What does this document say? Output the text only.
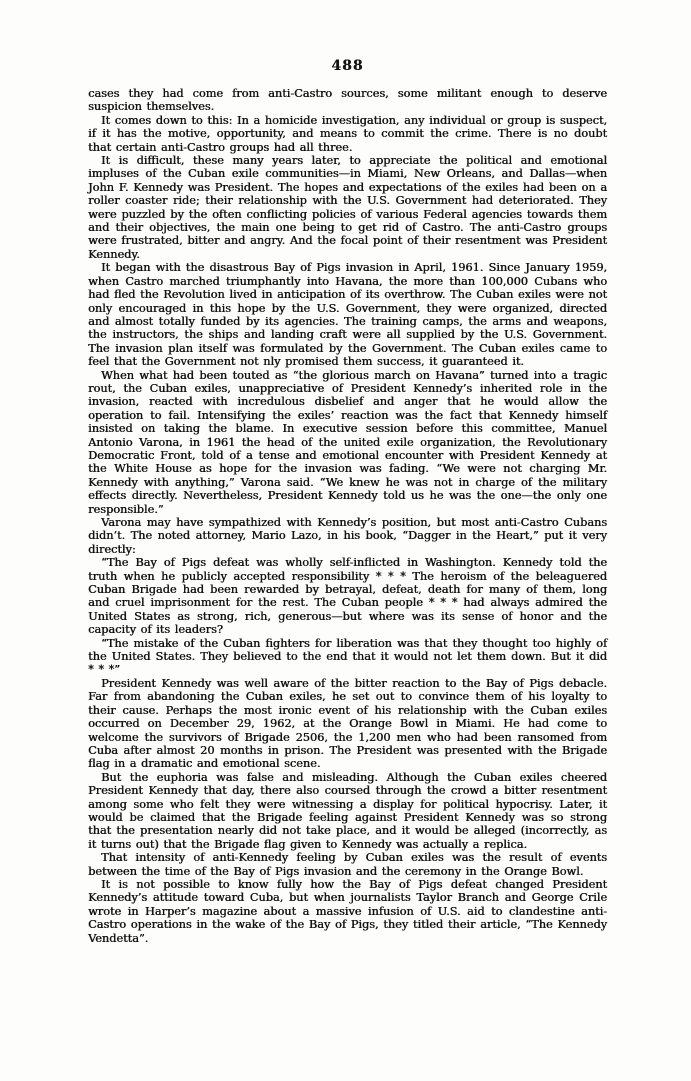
488

cases they had come from anti-Castro sources, some militant enough to deserve suspicion themselves.

It comes down to this: In a homicide investigation, any individual or group is suspect, if it has the motive, opportunity, and means to commit the crime. There is no doubt that certain anti-Castro groups had all three.

It is difficult, these many years later, to appreciate the political and emotional impluses of the Cuban exile communities—in Miami, New Orleans, and Dallas—when John F. Kennedy was President. The hopes and expectations of the exiles had been on a roller coaster ride; their relationship with the U.S. Government had deteriorated. They were puzzled by the often conflicting policies of various Federal agencies towards them and their objectives, the main one being to get rid of Castro. The anti-Castro groups were frustrated, bitter and angry. And the focal point of their resentment was President Kennedy.

It began with the disastrous Bay of Pigs invasion in April, 1961. Since January 1959, when Castro marched triumphantly into Havana, the more than 100,000 Cubans who had fled the Revolution lived in anticipation of its overthrow. The Cuban exiles were not only encouraged in this hope by the U.S. Government, they were organized, directed and almost totally funded by its agencies. The training camps, the arms and weapons, the instructors, the ships and landing craft were all supplied by the U.S. Government. The invasion plan itself was formulated by the Government. The Cuban exiles came to feel that the Government not nly promised them success, it guaranteed it.

When what had been touted as “the glorious march on Havana” turned into a tragic rout, the Cuban exiles, unappreciative of President Kennedy’s inherited role in the invasion, reacted with incredulous disbelief and anger that he would allow the operation to fail. Intensifying the exiles’ reaction was the fact that Kennedy himself insisted on taking the blame. In executive session before this committee, Manuel Antonio Varona, in 1961 the head of the united exile organization, the Revolutionary Democratic Front, told of a tense and emotional encounter with President Kennedy at the White House as hope for the invasion was fading. “We were not charging Mr. Kennedy with anything,” Varona said. “We knew he was not in charge of the military effects directly. Nevertheless, President Kennedy told us he was the one—the only one responsible.”

Varona may have sympathized with Kennedy’s position, but most anti-Castro Cubans didn’t. The noted attorney, Mario Lazo, in his book, “Dagger in the Heart,” put it very directly:

“The Bay of Pigs defeat was wholly self-inflicted in Washington. Kennedy told the truth when he publicly accepted responsibility * * * The heroism of the beleaguered Cuban Brigade had been rewarded by betrayal, defeat, death for many of them, long and cruel imprisonment for the rest. The Cuban people * * * had always admired the United States as strong, rich, generous—but where was its sense of honor and the capacity of its leaders?

“The mistake of the Cuban fighters for liberation was that they thought too highly of the United States. They believed to the end that it would not let them down. But it did * * *”

President Kennedy was well aware of the bitter reaction to the Bay of Pigs debacle. Far from abandoning the Cuban exiles, he set out to convince them of his loyalty to their cause. Perhaps the most ironic event of his relationship with the Cuban exiles occurred on December 29, 1962, at the Orange Bowl in Miami. He had come to welcome the survivors of Brigade 2506, the 1,200 men who had been ransomed from Cuba after almost 20 months in prison. The President was presented with the Brigade flag in a dramatic and emotional scene.

But the euphoria was false and misleading. Although the Cuban exiles cheered President Kennedy that day, there also coursed through the crowd a bitter resentment among some who felt they were witnessing a display for political hypocrisy. Later, it would be claimed that the Brigade feeling against President Kennedy was so strong that the presentation nearly did not take place, and it would be alleged (incorrectly, as it turns out) that the Brigade flag given to Kennedy was actually a replica.

That intensity of anti-Kennedy feeling by Cuban exiles was the result of events between the time of the Bay of Pigs invasion and the ceremony in the Orange Bowl.

It is not possible to know fully how the Bay of Pigs defeat changed President Kennedy’s attitude toward Cuba, but when journalists Taylor Branch and George Crile wrote in Harper’s magazine about a massive infusion of U.S. aid to clandestine anti-Castro operations in the wake of the Bay of Pigs, they titled their article, “The Kennedy Vendetta”.
